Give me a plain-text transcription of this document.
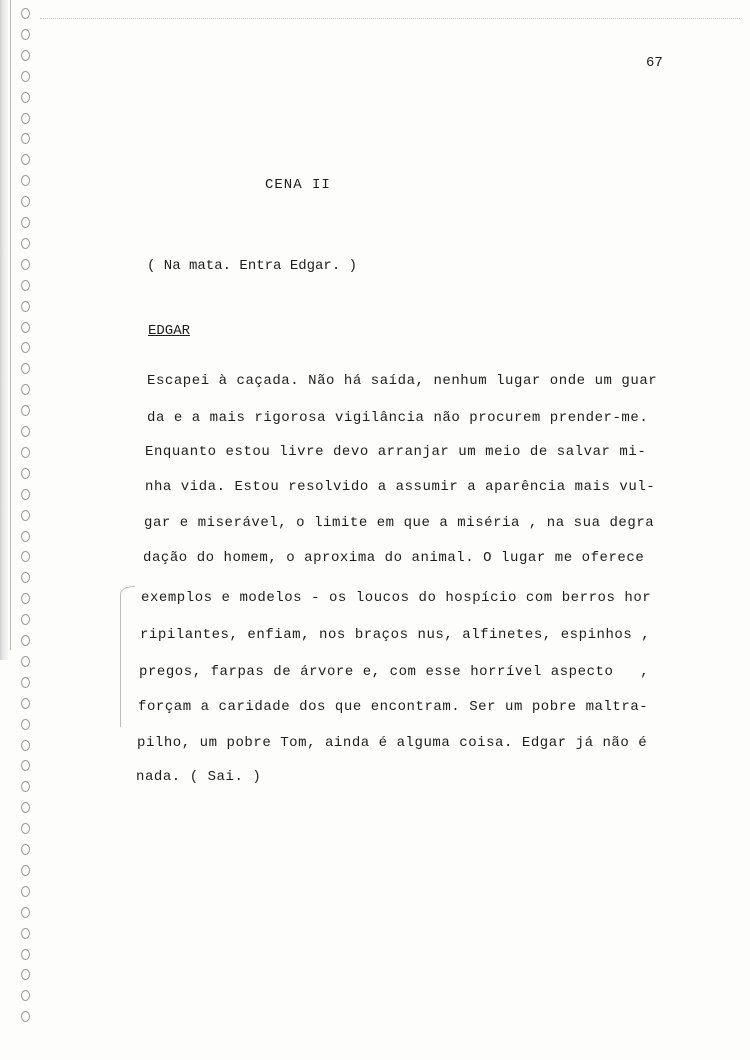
67
CENA II
( Na mata. Entra Edgar. )
EDGAR
Escapei à caçada. Não há saída, nenhum lugar onde um guar
da e a mais rigorosa vigilância não procurem prender-me.
Enquanto estou livre devo arranjar um meio de salvar mi-
nha vida. Estou resolvido a assumir a aparência mais vul-
gar e miserável, o limite em que a miséria , na sua degra
dação do homem, o aproxima do animal. O lugar me oferece
exemplos e modelos - os loucos do hospício com berros hor
ripilantes, enfiam, nos braços nus, alfinetes, espinhos ,
pregos, farpas de árvore e, com esse horrível aspecto   ,
forçam a caridade dos que encontram. Ser um pobre maltra-
pilho, um pobre Tom, ainda é alguma coisa. Edgar já não é
nada. ( Sai. )
